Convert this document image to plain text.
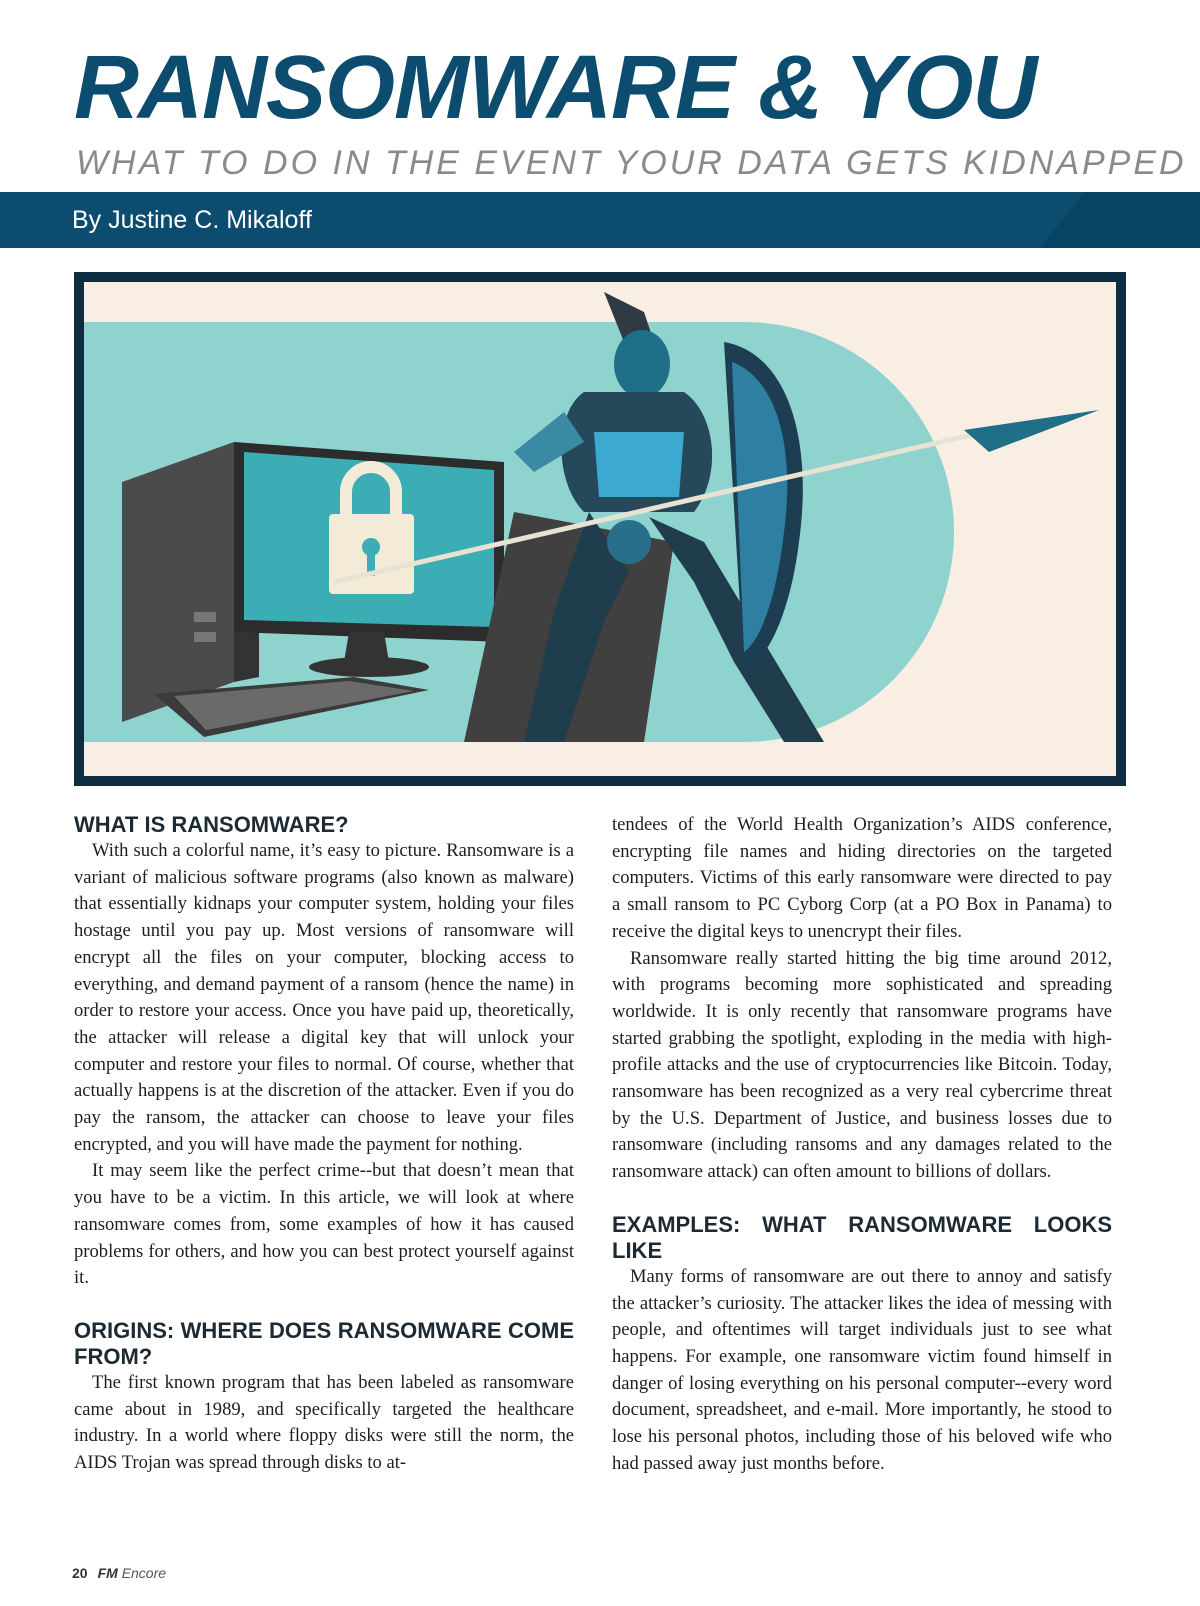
RANSOMWARE & YOU
WHAT TO DO IN THE EVENT YOUR DATA GETS KIDNAPPED
By Justine C. Mikaloff
WHAT IS RANSOMWARE?

With such a colorful name, it’s easy to picture. Ransomware is a variant of malicious software programs (also known as malware) that essentially kidnaps your computer system, holding your files hostage until you pay up. Most versions of ransomware will encrypt all the files on your computer, blocking access to everything, and demand payment of a ransom (hence the name) in order to restore your access. Once you have paid up, theoretically, the attacker will release a digital key that will unlock your computer and restore your files to normal. Of course, whether that actually happens is at the discretion of the attacker. Even if you do pay the ransom, the attacker can choose to leave your files encrypted, and you will have made the payment for nothing.

It may seem like the perfect crime--but that doesn’t mean that you have to be a victim. In this article, we will look at where ransomware comes from, some examples of how it has caused problems for others, and how you can best protect yourself against it.

ORIGINS: WHERE DOES RANSOMWARE COME FROM?

The first known program that has been labeled as ransomware came about in 1989, and specifically targeted the healthcare industry. In a world where floppy disks were still the norm, the AIDS Trojan was spread through disks to at-

tendees of the World Health Organization’s AIDS conference, encrypting file names and hiding directories on the targeted computers. Victims of this early ransomware were directed to pay a small ransom to PC Cyborg Corp (at a PO Box in Panama) to receive the digital keys to unencrypt their files.

Ransomware really started hitting the big time around 2012, with programs becoming more sophisticated and spreading worldwide. It is only recently that ransomware programs have started grabbing the spotlight, exploding in the media with high-profile attacks and the use of cryptocurrencies like Bitcoin. Today, ransomware has been recognized as a very real cybercrime threat by the U.S. Department of Justice, and business losses due to ransomware (including ransoms and any damages related to the ransomware attack) can often amount to billions of dollars.

EXAMPLES: WHAT RANSOMWARE LOOKS LIKE

Many forms of ransomware are out there to annoy and satisfy the attacker’s curiosity. The attacker likes the idea of messing with people, and oftentimes will target individuals just to see what happens. For example, one ransomware victim found himself in danger of losing everything on his personal computer--every word document, spreadsheet, and e-mail. More importantly, he stood to lose his personal photos, including those of his beloved wife who had passed away just months before.

20 FM Encore
